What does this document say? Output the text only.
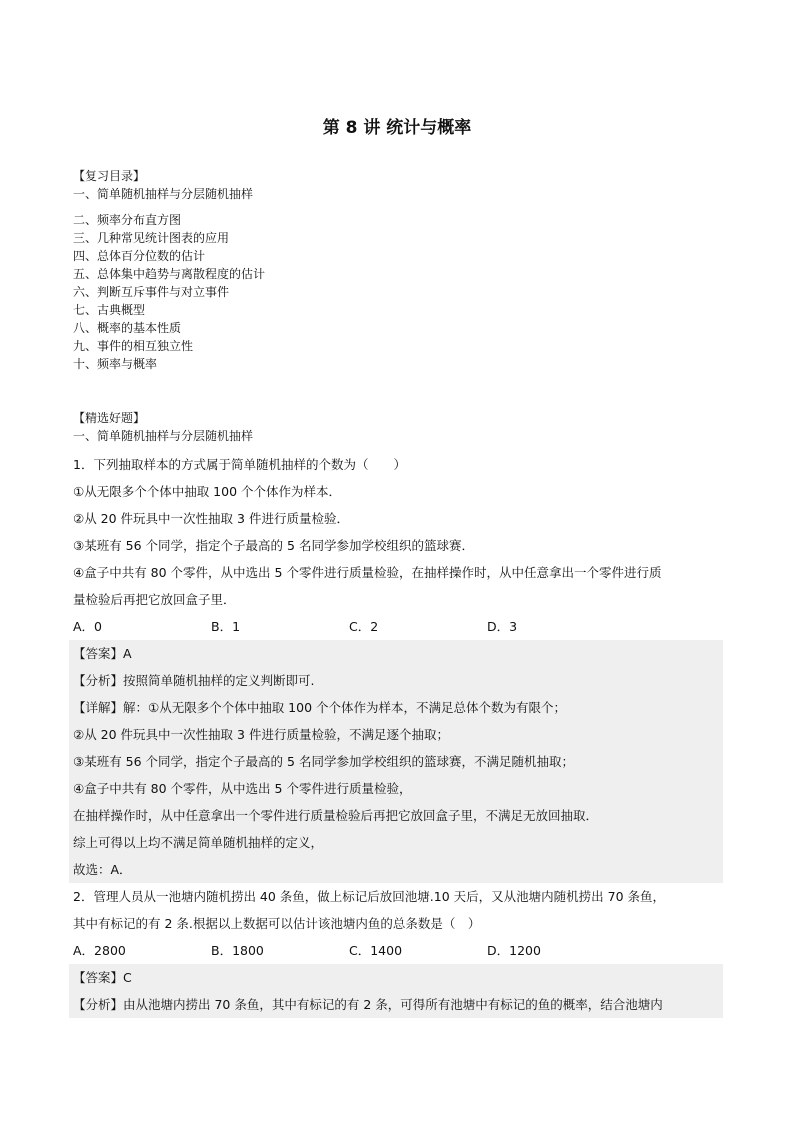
第 8 讲 统计与概率
【复习目录】
一、简单随机抽样与分层随机抽样
二、频率分布直方图
三、几种常见统计图表的应用
四、总体百分位数的估计
五、总体集中趋势与离散程度的估计
六、判断互斥事件与对立事件
七、古典概型
八、概率的基本性质
九、事件的相互独立性
十、频率与概率
【精选好题】
一、简单随机抽样与分层随机抽样
1．下列抽取样本的方式属于简单随机抽样的个数为（　　）
①从无限多个个体中抽取 100 个个体作为样本．
②从 20 件玩具中一次性抽取 3 件进行质量检验．
③某班有 56 个同学，指定个子最高的 5 名同学参加学校组织的篮球赛．
④盒子中共有 80 个零件，从中选出 5 个零件进行质量检验，在抽样操作时，从中任意拿出一个零件进行质
量检验后再把它放回盒子里．
A．0	B．1	C．2	D．3
【答案】A
【分析】按照简单随机抽样的定义判断即可.
【详解】解：①从无限多个个体中抽取 100 个个体作为样本，不满足总体个数为有限个；
②从 20 件玩具中一次性抽取 3 件进行质量检验，不满足逐个抽取；
③某班有 56 个同学，指定个子最高的 5 名同学参加学校组织的篮球赛，不满足随机抽取；
④盒子中共有 80 个零件，从中选出 5 个零件进行质量检验，
在抽样操作时，从中任意拿出一个零件进行质量检验后再把它放回盒子里，不满足无放回抽取．
综上可得以上均不满足简单随机抽样的定义，
故选：A．
2．管理人员从一池塘内随机捞出 40 条鱼，做上标记后放回池塘.10 天后，又从池塘内随机捞出 70 条鱼，
其中有标记的有 2 条.根据以上数据可以估计该池塘内鱼的总条数是（　）
A．2800	B．1800	C．1400	D．1200
【答案】C
【分析】由从池塘内捞出 70 条鱼，其中有标记的有 2 条，可得所有池塘中有标记的鱼的概率，结合池塘内
